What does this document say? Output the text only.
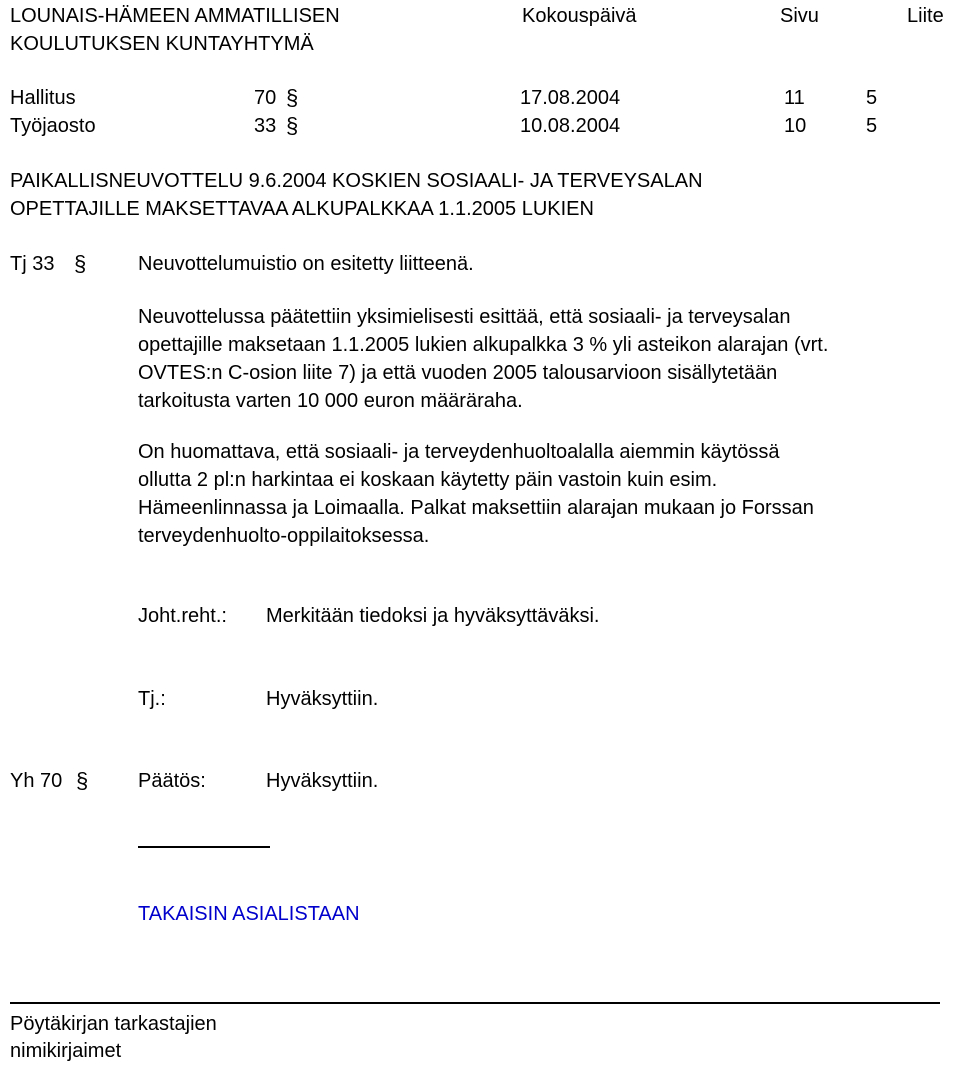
LOUNAIS-HÄMEEN AMMATILLISEN
KOULUTUKSEN KUNTAYHTYMÄ
Kokouspäivä	Sivu	Liite
Hallitus	70 §	17.08.2004	11	5
Työjaosto	33 §	10.08.2004	10	5
PAIKALLISNEUVOTTELU 9.6.2004 KOSKIEN SOSIAALI- JA TERVEYSALAN
OPETTAJILLE MAKSETTAVAA ALKUPALKKAA 1.1.2005 LUKIEN
Tj 33 §	Neuvottelumuistio on esitetty liitteenä.
Neuvottelussa päätettiin yksimielisesti esittää, että sosiaali- ja terveysalan
opettajille maksetaan 1.1.2005 lukien alkupalkka 3 % yli asteikon alarajan (vrt.
OVTES:n C-osion liite 7) ja että vuoden 2005 talousarvioon sisällytetään
tarkoitusta varten 10 000 euron määräraha.
On huomattava, että sosiaali- ja terveydenhuoltoalalla aiemmin käytössä
ollutta 2 pl:n harkintaa ei koskaan käytetty päin vastoin kuin esim.
Hämeenlinnassa ja Loimaalla. Palkat maksettiin alarajan mukaan jo Forssan
terveydenhuolto-oppilaitoksessa.
Joht.reht.: Merkitään tiedoksi ja hyväksyttäväksi.
Tj.:	Hyväksyttiin.
Yh 70 § Päätös:	Hyväksyttiin.
TAKAISIN ASIALISTAAN
Pöytäkirjan tarkastajien
nimikirjaimet
